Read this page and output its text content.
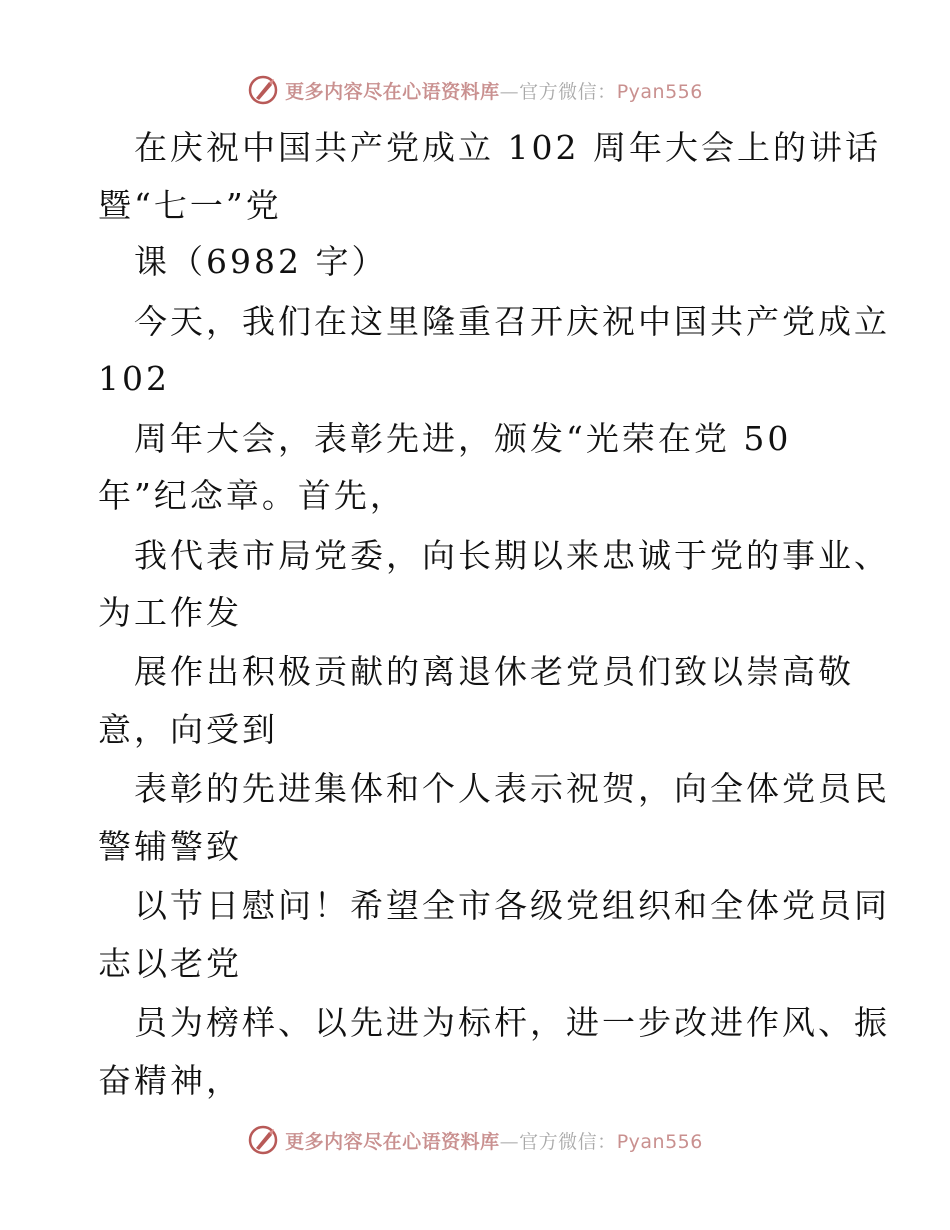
更多内容尽在心语资料库—官方微信：Pyan556
在庆祝中国共产党成立 102 周年大会上的讲话
暨“七一”党
课（6982 字）
今天，我们在这里隆重召开庆祝中国共产党成立
102
周年大会，表彰先进，颁发“光荣在党 50
年”纪念章。首先，
我代表市局党委，向长期以来忠诚于党的事业、
为工作发
展作出积极贡献的离退休老党员们致以崇高敬
意，向受到
表彰的先进集体和个人表示祝贺，向全体党员民
警辅警致
以节日慰问！希望全市各级党组织和全体党员同
志以老党
员为榜样、以先进为标杆，进一步改进作风、振
奋精神，
更多内容尽在心语资料库—官方微信：Pyan556
